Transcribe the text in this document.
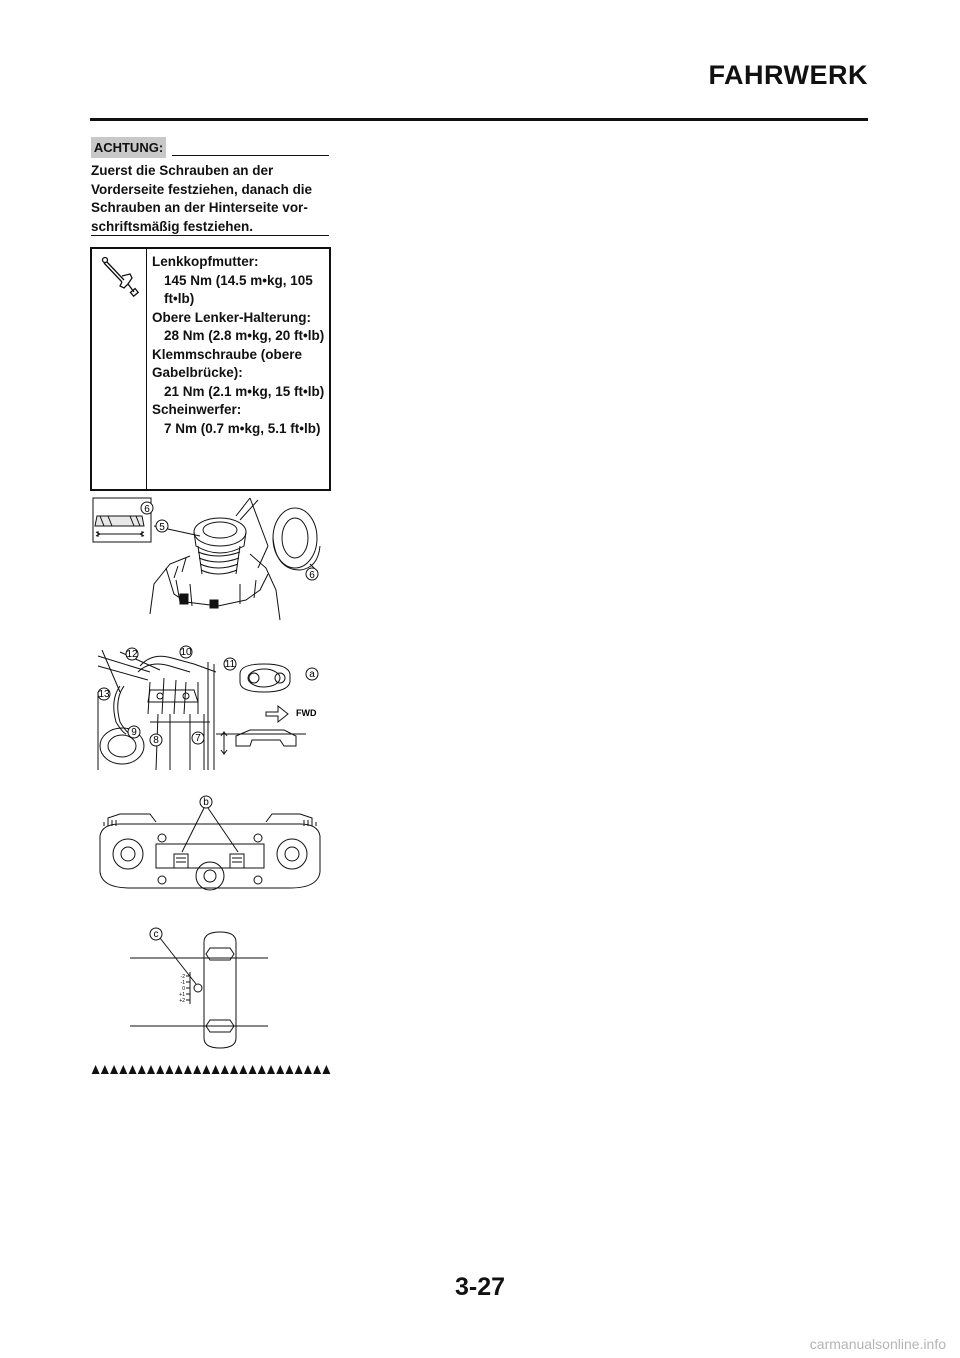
FAHRWERK
ACHTUNG:
Zuerst die Schrauben an der Vorderseite festziehen, danach die Schrauben an der Hinterseite vor-schriftsmäßig festziehen.
Lenkkopfmutter:
145 Nm (14.5 m•kg, 105 ft•lb)
Obere Lenker-Halterung:
28 Nm (2.8 m•kg, 20 ft•lb)
Klemmschraube (obere Gabelbrücke):
21 Nm (2.1 m•kg, 15 ft•lb)
Scheinwerfer:
7 Nm (0.7 m•kg, 5.1 ft•lb)
6
5
6
FWD
12	10
11
a
13
9
8	7
b
-2
-1
0
+1
+2
c
3-27
carmanualsonline.info
